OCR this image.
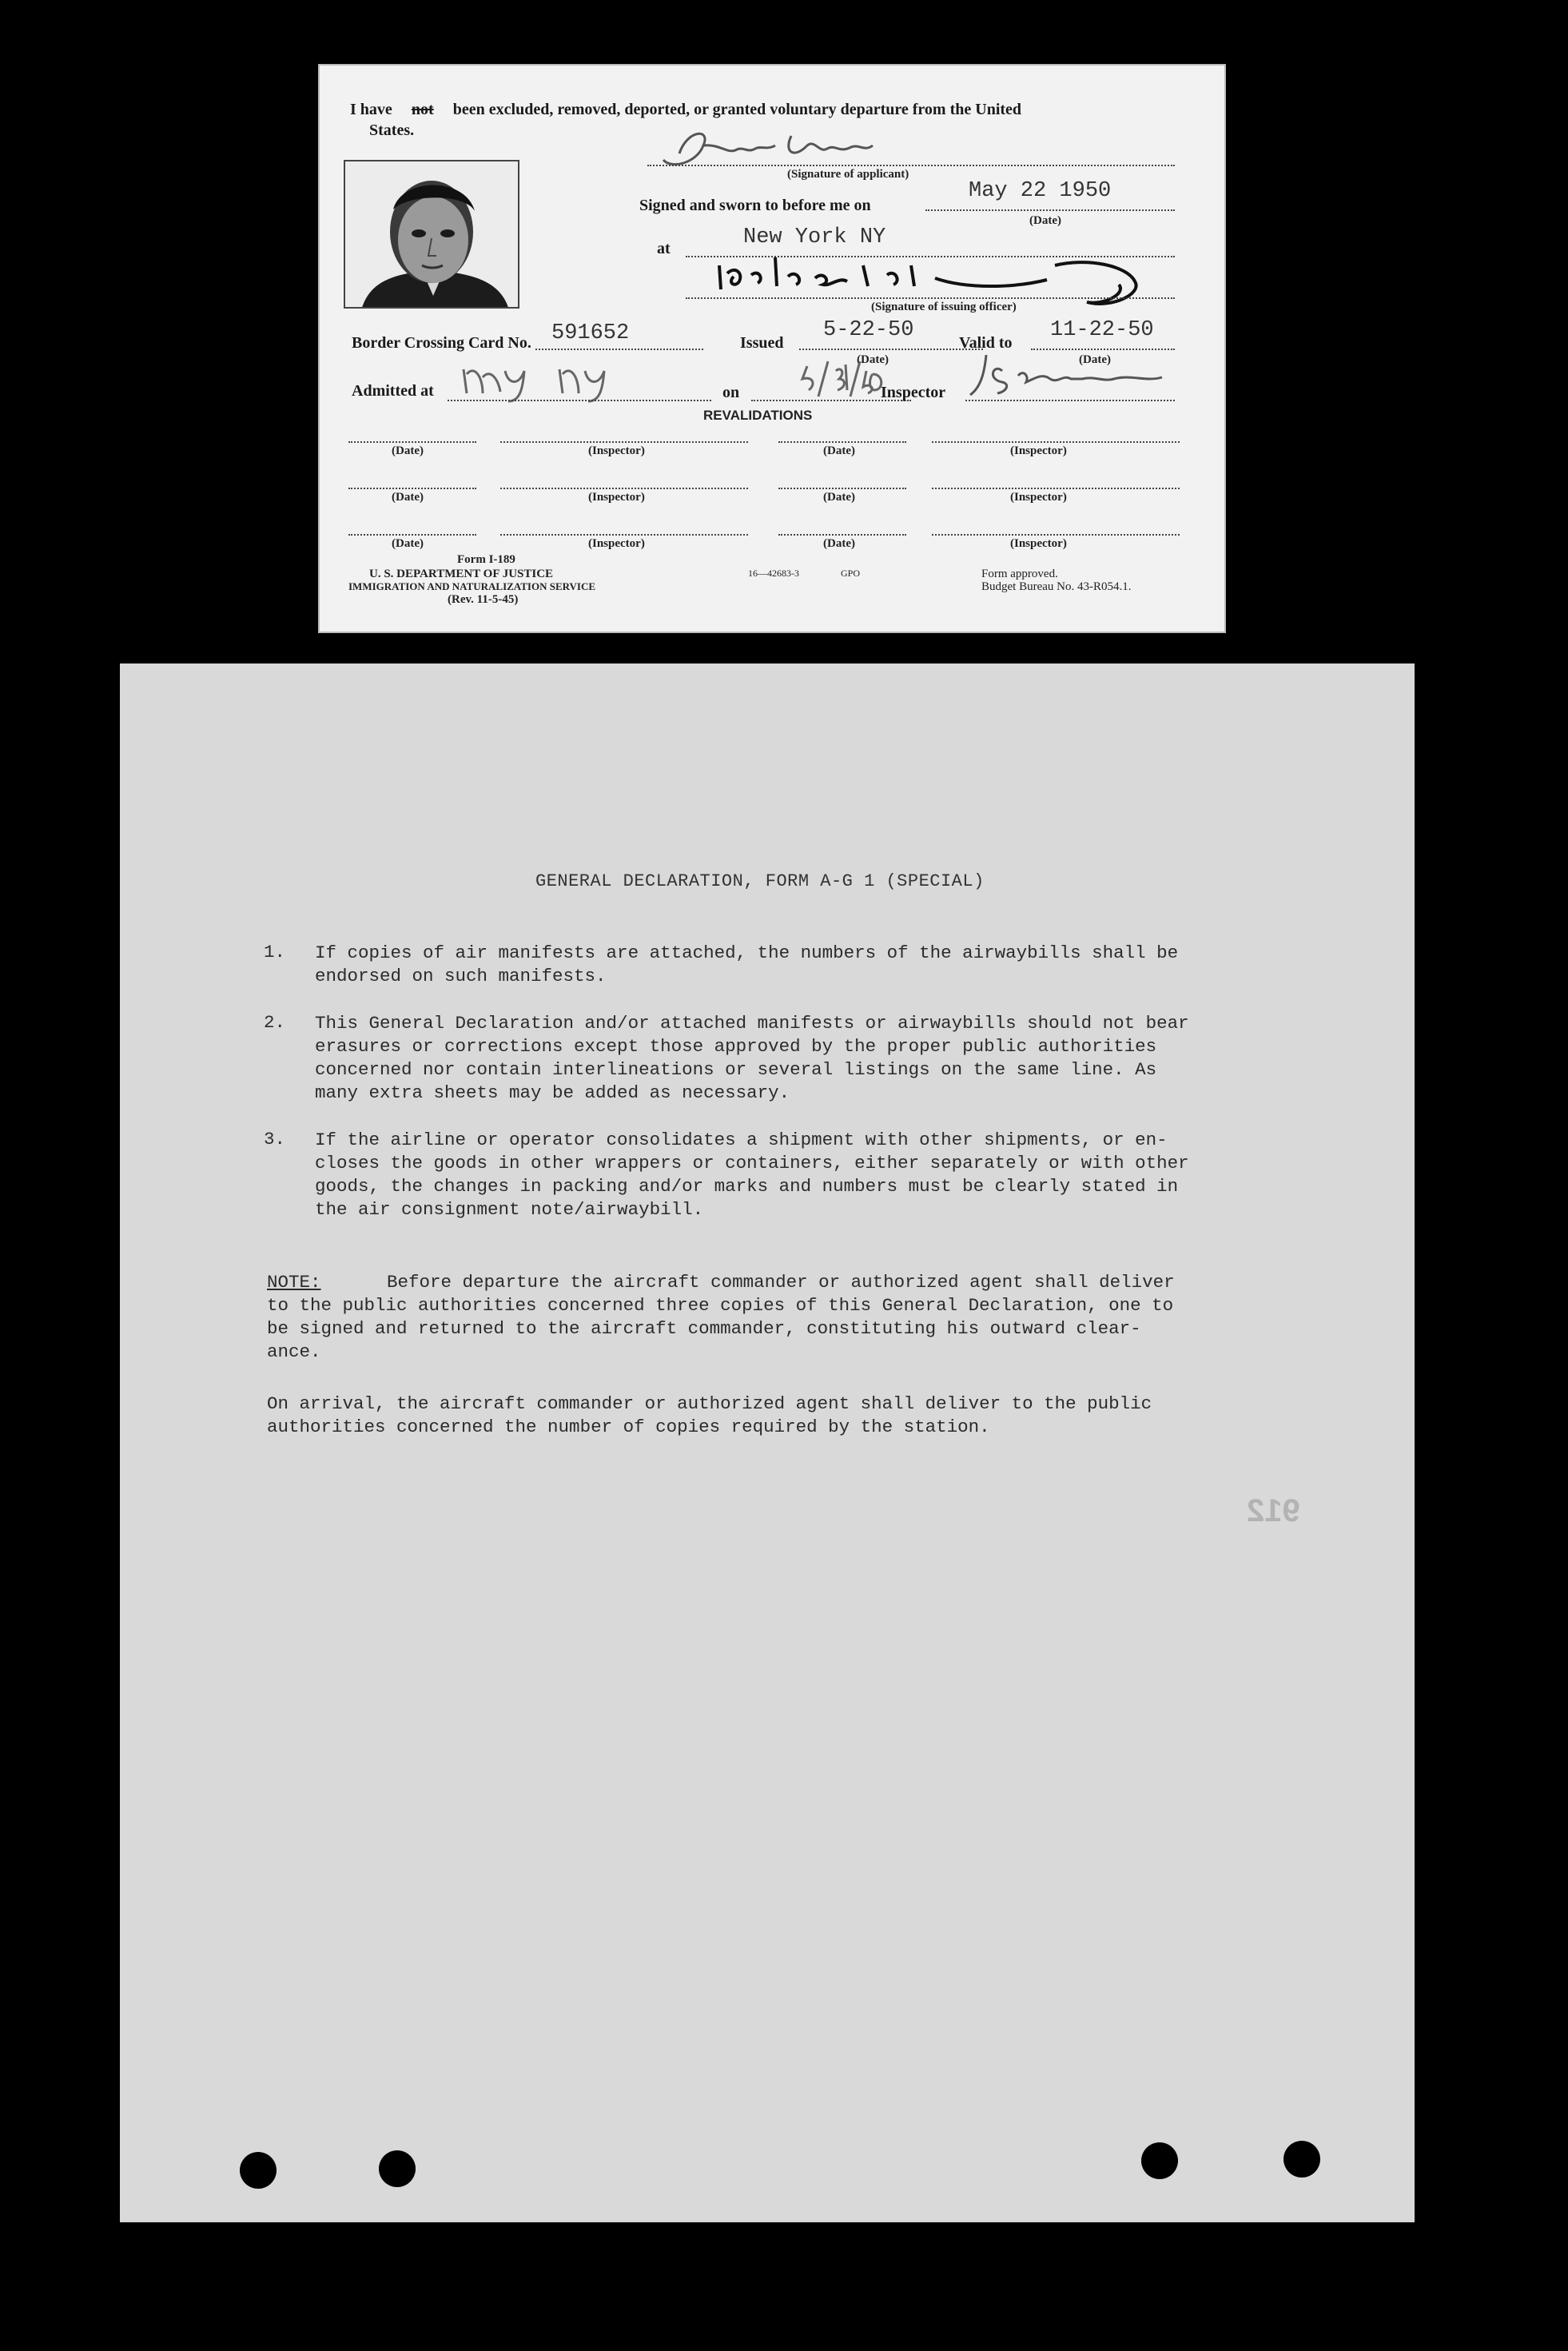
I have not been excluded, removed, deported, or granted voluntary departure from the United
States.
(Signature of applicant)
Signed and sworn to before me on
May 22 1950
(Date)
at	New York NY
(Signature of issuing officer)
Border Crossing Card No. 591652	Issued
5-22-50
(Date)
Valid to
11-22-50
(Date)
Admitted at	on	Inspector
REVALIDATIONS
(Date)	(Inspector)	(Date)	(Inspector)
(Date)	(Inspector)	(Date)	(Inspector)
(Date)	(Inspector)	(Date)	(Inspector)
Form I-189
U. S. DEPARTMENT OF JUSTICE
IMMIGRATION AND NATURALIZATION SERVICE
(Rev. 11-5-45)
16—42683-3	GPO	Form approved.
Budget Bureau No. 43-R054.1.
GENERAL DECLARATION, FORM A-G 1 (SPECIAL)
1. If copies of air manifests are attached, the numbers of the airwaybills shall be
endorsed on such manifests.
2. This General Declaration and/or attached manifests or airwaybills should not bear
erasures or corrections except those approved by the proper public authorities
concerned nor contain interlineations or several listings on the same line. As
many extra sheets may be added as necessary.
3. If the airline or operator consolidates a shipment with other shipments, or en-
closes the goods in other wrappers or containers, either separately or with other
goods, the changes in packing and/or marks and numbers must be clearly stated in
the air consignment note/airwaybill.
NOTE:	Before departure the aircraft commander or authorized agent shall deliver
to the public authorities concerned three copies of this General Declaration, one to
be signed and returned to the aircraft commander, constituting his outward clear-
ance.
On arrival, the aircraft commander or authorized agent shall deliver to the public
authorities concerned the number of copies required by the station.
912
